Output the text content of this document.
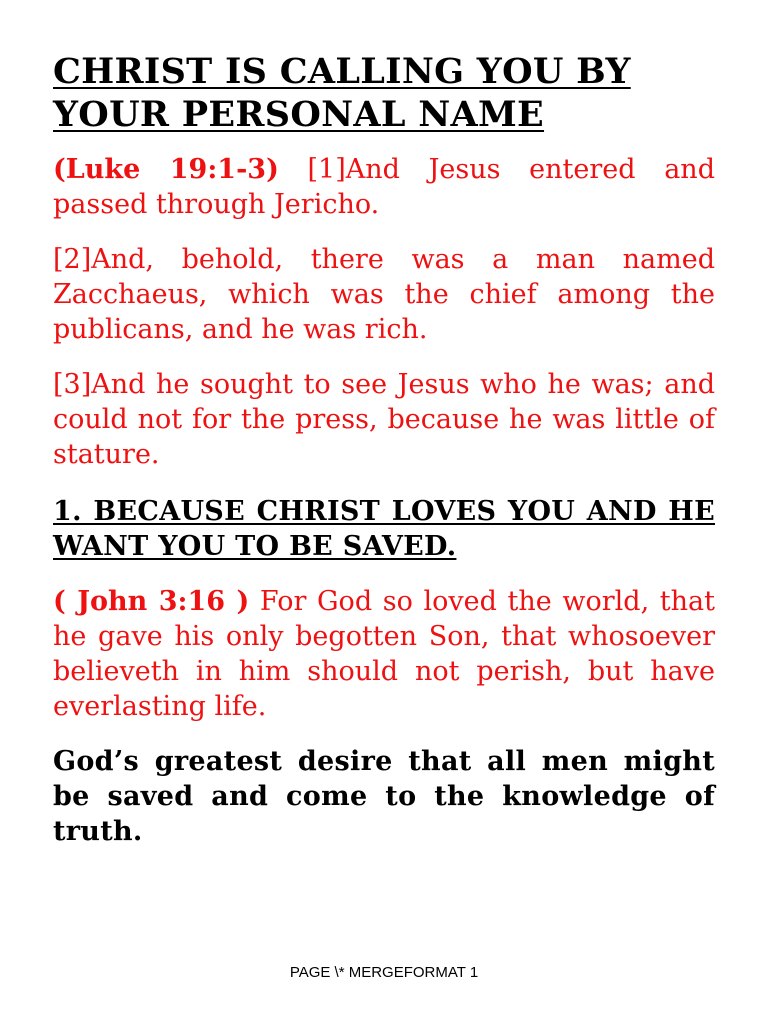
CHRIST IS CALLING YOU BY YOUR PERSONAL NAME

(Luke 19:1-3) [1]And Jesus entered and passed through Jericho.

[2]And, behold, there was a man named Zacchaeus, which was the chief among the publicans, and he was rich.

[3]And he sought to see Jesus who he was; and could not for the press, because he was little of stature.

1. BECAUSE CHRIST LOVES YOU AND HE WANT YOU TO BE SAVED.

( John 3:16 ) For God so loved the world, that he gave his only begotten Son, that whosoever believeth in him should not perish, but have everlasting life.

God’s greatest desire that all men might be saved and come to the knowledge of truth.

PAGE \* MERGEFORMAT 1
